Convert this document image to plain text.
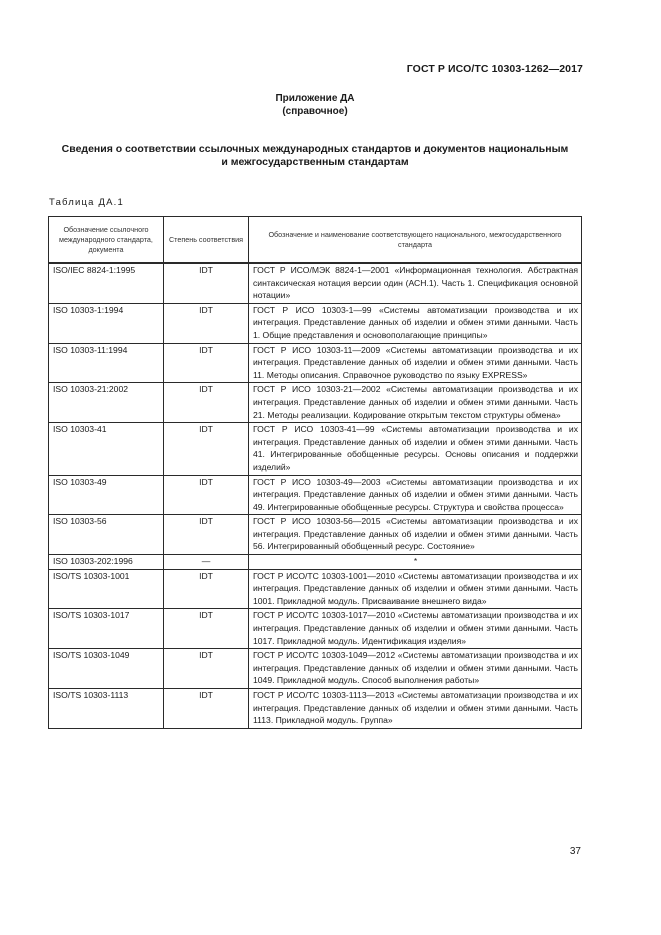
ГОСТ Р ИСО/ТС 10303-1262—2017
Приложение ДА
(справочное)
Сведения о соответствии ссылочных международных стандартов и документов национальным
и межгосударственным стандартам
Таблица ДА.1
Обозначение ссылочного международного стандарта, документа	Степень соответствия	Обозначение и наименование соответствующего национального, межгосударственного стандарта
ISO/IEC 8824-1:1995	IDT	ГОСТ Р ИСО/МЭК 8824-1—2001 «Информационная технология. Абстрактная синтаксическая нотация версии один (АСН.1). Часть 1. Спецификация основной нотации»
ISO 10303-1:1994	IDT	ГОСТ Р ИСО 10303-1—99 «Системы автоматизации производства и их интеграция. Представление данных об изделии и обмен этими данными. Часть 1. Общие представления и основополагающие принципы»
ISO 10303-11:1994	IDT	ГОСТ Р ИСО 10303-11—2009 «Системы автоматизации производства и их интеграция. Представление данных об изделии и обмен этими данными. Часть 11. Методы описания. Справочное руководство по языку EXPRESS»
ISO 10303-21:2002	IDT	ГОСТ Р ИСО 10303-21—2002 «Системы автоматизации производства и их интеграция. Представление данных об изделии и обмен этими данными. Часть 21. Методы реализации. Кодирование открытым текстом структуры обмена»
ISO 10303-41	IDT	ГОСТ Р ИСО 10303-41—99 «Системы автоматизации производства и их интеграция. Представление данных об изделии и обмен этими данными. Часть 41. Интегрированные обобщенные ресурсы. Основы описания и поддержки изделий»
ISO 10303-49	IDT	ГОСТ Р ИСО 10303-49—2003 «Системы автоматизации производства и их интеграция. Представление данных об изделии и обмен этими данными. Часть 49. Интегрированные обобщенные ресурсы. Структура и свойства процесса»
ISO 10303-56	IDT	ГОСТ Р ИСО 10303-56—2015 «Системы автоматизации производства и их интеграция. Представление данных об изделии и обмен этими данными. Часть 56. Интегрированный обобщенный ресурс. Состояние»
ISO 10303-202:1996	—	*
ISO/TS 10303-1001	IDT	ГОСТ Р ИСО/ТС 10303-1001—2010 «Системы автоматизации производства и их интеграция. Представление данных об изделии и обмен этими данными. Часть 1001. Прикладной модуль. Присваивание внешнего вида»
ISO/TS 10303-1017	IDT	ГОСТ Р ИСО/ТС 10303-1017—2010 «Системы автоматизации производства и их интеграция. Представление данных об изделии и обмен этими данными. Часть 1017. Прикладной модуль. Идентификация изделия»
ISO/TS 10303-1049	IDT	ГОСТ Р ИСО/ТС 10303-1049—2012 «Системы автоматизации производства и их интеграция. Представление данных об изделии и обмен этими данными. Часть 1049. Прикладной модуль. Способ выполнения работы»
ISO/TS 10303-1113	IDT	ГОСТ Р ИСО/ТС 10303-1113—2013 «Системы автоматизации производства и их интеграция. Представление данных об изделии и обмен этими данными. Часть 1113. Прикладной модуль. Группа»
37
